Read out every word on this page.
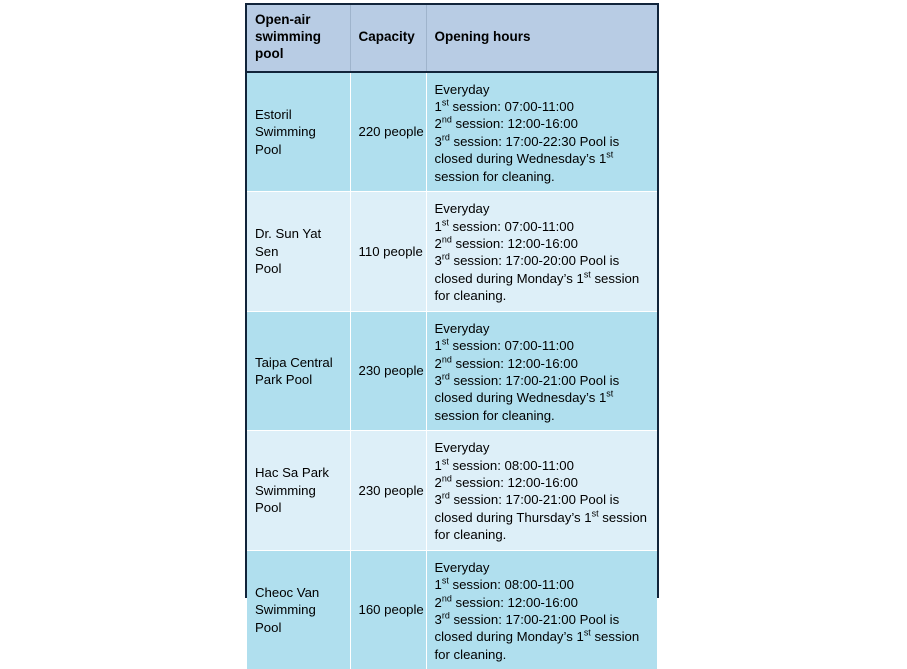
Open-air
swimming pool	Capacity	Opening hours

Estoril
Swimming Pool	220 people	Everyday
1st session: 07:00-11:00
2nd session: 12:00-16:00
3rd session: 17:00-22:30 Pool is closed during Wednesday’s 1st session for cleaning.

Dr. Sun Yat Sen
Pool	110 people	Everyday
1st session: 07:00-11:00
2nd session: 12:00-16:00
3rd session: 17:00-20:00 Pool is closed during Monday’s 1st session for cleaning.

Taipa Central
Park Pool	230 people	Everyday
1st session: 07:00-11:00
2nd session: 12:00-16:00
3rd session: 17:00-21:00 Pool is closed during Wednesday’s 1st session for cleaning.

Hac Sa Park
Swimming Pool	230 people	Everyday
1st session: 08:00-11:00
2nd session: 12:00-16:00
3rd session: 17:00-21:00 Pool is closed during Thursday’s 1st session for cleaning.

Cheoc Van
Swimming Pool	160 people	Everyday
1st session: 08:00-11:00
2nd session: 12:00-16:00
3rd session: 17:00-21:00 Pool is closed during Monday’s 1st session for cleaning.
